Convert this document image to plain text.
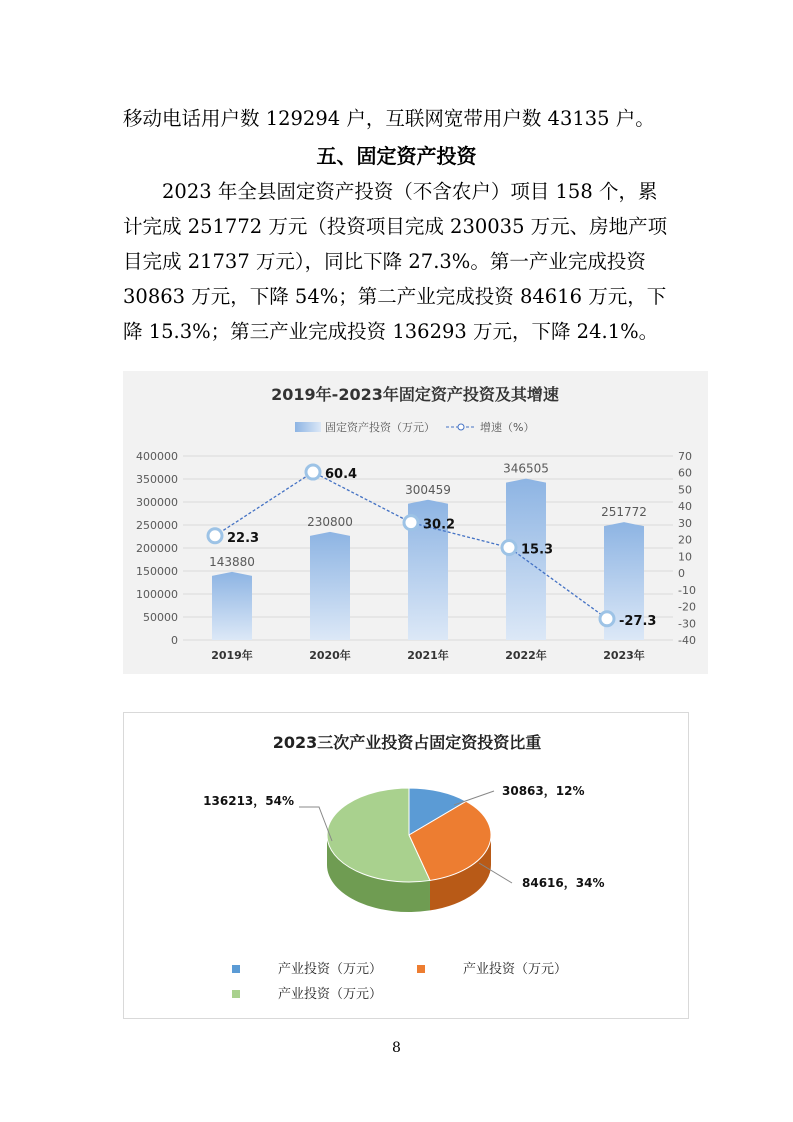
移动电话用户数 129294 户，互联网宽带用户数 43135 户。

五、固定资产投资

2023 年全县固定资产投资（不含农户）项目 158 个，累
计完成 251772 万元（投资项目完成 230035 万元、房地产项
目完成 21737 万元），同比下降 27.3%。第一产业完成投资
30863 万元，下降 54%；第二产业完成投资 84616 万元，下
降 15.3%；第三产业完成投资 136293 万元，下降 24.1%。

2019年-2023年固定资产投资及其增速
固定资产投资（万元）	增速（%）
400000
350000
300000
250000
200000
150000
100000
50000
0
70
60
50
40
30
20
10
0
-10
-20
-30
-40
143880
230800
300459
346505
251772
22.3
60.4
30.2
15.3
-27.3
2019年	2020年	2021年	2022年	2023年
2023三次产业投资占固定资投资比重
30863，12%
84616，34%
136213，54%
产业投资（万元）	产业投资（万元）
产业投资（万元）
8
